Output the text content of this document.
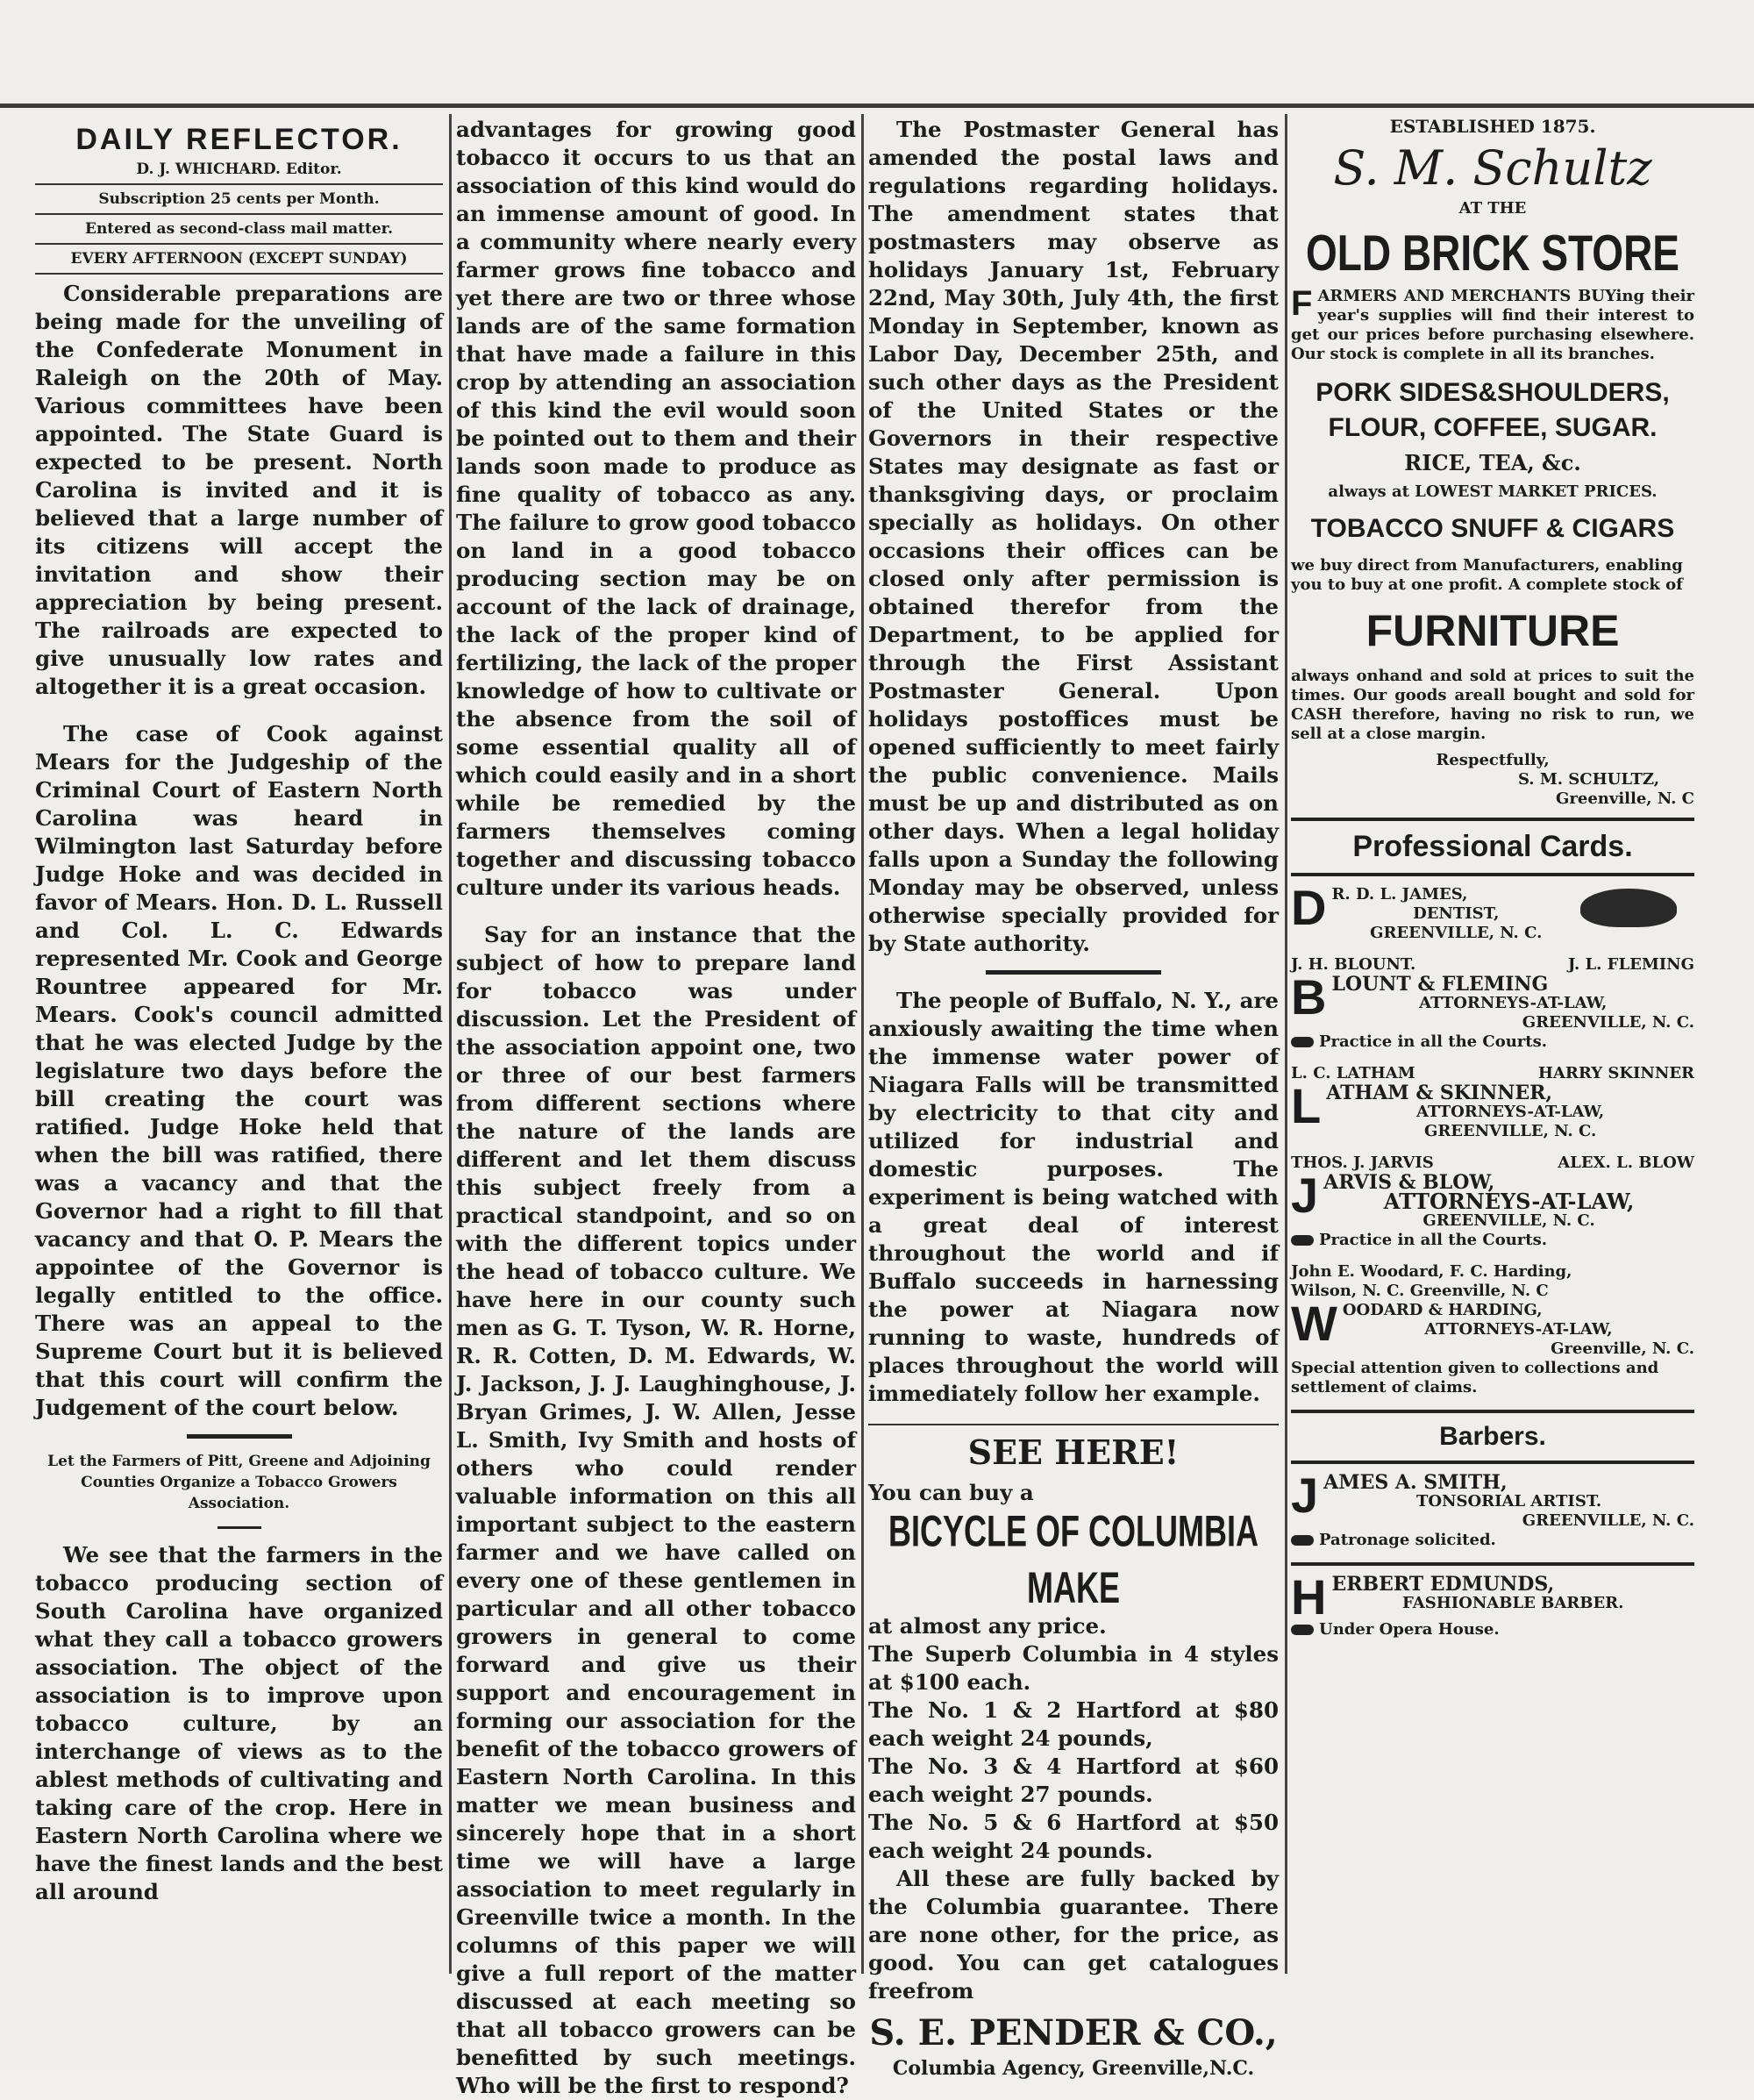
DAILY REFLECTOR.
D. J. WHICHARD. Editor.
Subscription 25 cents per Month.
Entered as second-class mail matter.
EVERY AFTERNOON (EXCEPT SUNDAY)

Considerable preparations are being made for the unveiling of the Confederate Monument in Raleigh on the 20th of May. Various committees have been appointed. The State Guard is expected to be present. North Carolina is invited and it is believed that a large number of its citizens will accept the invitation and show their appreciation by being present. The railroads are expected to give unusually low rates and altogether it is a great occasion.

The case of Cook against Mears for the Judgeship of the Criminal Court of Eastern North Carolina was heard in Wilmington last Saturday before Judge Hoke and was decided in favor of Mears. Hon. D. L. Russell and Col. L. C. Edwards represented Mr. Cook and George Rountree appeared for Mr. Mears. Cook's council admitted that he was elected Judge by the legislature two days before the bill creating the court was ratified. Judge Hoke held that when the bill was ratified, there was a vacancy and that the Governor had a right to fill that vacancy and that O. P. Mears the appointee of the Governor is legally entitled to the office. There was an appeal to the Supreme Court but it is believed that this court will confirm the Judgement of the court below.

Let the Farmers of Pitt, Greene and Adjoining Counties Organize a Tobacco Growers Association.

We see that the farmers in the tobacco producing section of South Carolina have organized what they call a tobacco growers association. The object of the association is to improve upon tobacco culture, by an interchange of views as to the ablest methods of cultivating and taking care of the crop. Here in Eastern North Carolina where we have the finest lands and the best all around

advantages for growing good tobacco it occurs to us that an association of this kind would do an immense amount of good. In a community where nearly every farmer grows fine tobacco and yet there are two or three whose lands are of the same formation that have made a failure in this crop by attending an association of this kind the evil would soon be pointed out to them and their lands soon made to produce as fine quality of tobacco as any. The failure to grow good tobacco on land in a good tobacco producing section may be on account of the lack of drainage, the lack of the proper kind of fertilizing, the lack of the proper knowledge of how to cultivate or the absence from the soil of some essential quality all of which could easily and in a short while be remedied by the farmers themselves coming together and discussing tobacco culture under its various heads.

Say for an instance that the subject of how to prepare land for tobacco was under discussion. Let the President of the association appoint one, two or three of our best farmers from different sections where the nature of the lands are different and let them discuss this subject freely from a practical standpoint, and so on with the different topics under the head of tobacco culture. We have here in our county such men as G. T. Tyson, W. R. Horne, R. R. Cotten, D. M. Edwards, W. J. Jackson, J. J. Laughinghouse, J. Bryan Grimes, J. W. Allen, Jesse L. Smith, Ivy Smith and hosts of others who could render valuable information on this all important subject to the eastern farmer and we have called on every one of these gentlemen in particular and all other tobacco growers in general to come forward and give us their support and encouragement in forming our association for the benefit of the tobacco growers of Eastern North Carolina. In this matter we mean business and sincerely hope that in a short time we will have a large association to meet regularly in Greenville twice a month. In the columns of this paper we will give a full report of the matter discussed at each meeting so that all tobacco growers can be benefitted by such meetings. Who will be the first to respond?

The Postmaster General has amended the postal laws and regulations regarding holidays. The amendment states that postmasters may observe as holidays January 1st, February 22nd, May 30th, July 4th, the first Monday in September, known as Labor Day, December 25th, and such other days as the President of the United States or the Governors in their respective States may designate as fast or thanksgiving days, or proclaim specially as holidays. On other occasions their offices can be closed only after permission is obtained therefor from the Department, to be applied for through the First Assistant Postmaster General. Upon holidays postoffices must be opened sufficiently to meet fairly the public convenience. Mails must be up and distributed as on other days. When a legal holiday falls upon a Sunday the following Monday may be observed, unless otherwise specially provided for by State authority.

The people of Buffalo, N. Y., are anxiously awaiting the time when the immense water power of Niagara Falls will be transmitted by electricity to that city and utilized for industrial and domestic purposes. The experiment is being watched with a great deal of interest throughout the world and if Buffalo succeeds in harnessing the power at Niagara now running to waste, hundreds of places throughout the world will immediately follow her example.

SEE HERE!

You can buy a

BICYCLE OF COLUMBIA MAKE

at almost any price.

The Superb Columbia in 4 styles at $100 each.

The No. 1 & 2 Hartford at $80 each weight 24 pounds,

The No. 3 & 4 Hartford at $60 each weight 27 pounds.

The No. 5 & 6 Hartford at $50 each weight 24 pounds.

All these are fully backed by the Columbia guarantee. There are none other, for the price, as good. You can get catalogues freefrom

S. E. PENDER & CO.,
Columbia Agency, Greenville,N.C.
ESTABLISHED 1875.
S. M. Schultz
AT THE
OLD BRICK STORE
F ARMERS AND MERCHANTS BUYing their year's supplies will find their interest to get our prices before purchasing elsewhere. Our stock is complete in all its branches.
PORK SIDES&SHOULDERS,
FLOUR, COFFEE, SUGAR.
RICE, TEA, &c.
always at LOWEST MARKET PRICES.
TOBACCO SNUFF & CIGARS
we buy direct from Manufacturers, enabling you to buy at one profit. A complete stock of
FURNITURE
always onhand and sold at prices to suit the times. Our goods areall bought and sold for CASH therefore, having no risk to run, we sell at a close margin.
Respectfully,
S. M. SCHULTZ,
Greenville, N. C
Professional Cards.
D R. D. L. JAMES,
DENTIST,
GREENVILLE, N. C.
J. H. BLOUNT.	J. L. FLEMING
B LOUNT & FLEMING
ATTORNEYS-AT-LAW,
GREENVILLE, N. C.
Practice in all the Courts.
L. C. LATHAM	HARRY SKINNER
L ATHAM & SKINNER,
ATTORNEYS-AT-LAW,
GREENVILLE, N. C.
THOS. J. JARVIS	ALEX. L. BLOW
J ARVIS & BLOW,
ATTORNEYS-AT-LAW,
GREENVILLE, N. C.
Practice in all the Courts.
John E. Woodard, F. C. Harding,
Wilson, N. C. Greenville, N. C
W OODARD & HARDING,
ATTORNEYS-AT-LAW,
Greenville, N. C.
Special attention given to collections and settlement of claims.
Barbers.
J AMES A. SMITH,
TONSORIAL ARTIST.
GREENVILLE, N. C.
Patronage solicited.
H ERBERT EDMUNDS,
FASHIONABLE BARBER.
Under Opera House.
